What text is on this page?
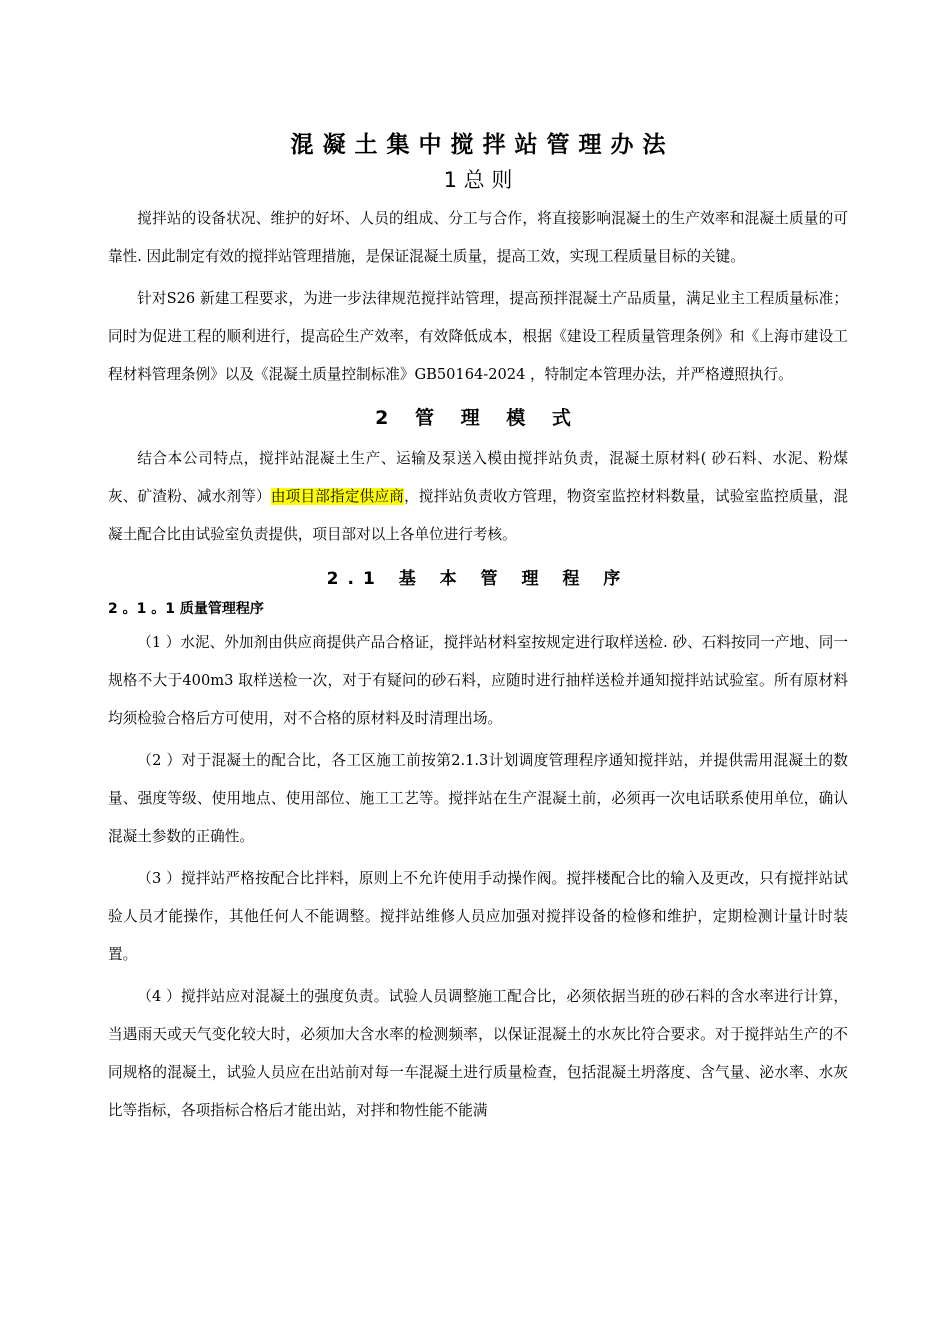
混凝土集中搅拌站管理办法
1 总 则

搅拌站的设备状况、维护的好坏、人员的组成、分工与合作，将直接影响混凝土的生产效率和混凝土质量的可靠性. 因此制定有效的搅拌站管理措施，是保证混凝土质量，提高工效，实现工程质量目标的关键。

针对S26 新建工程要求，为进一步法律规范搅拌站管理，提高预拌混凝土产品质量，满足业主工程质量标准；同时为促进工程的顺利进行，提高砼生产效率，有效降低成本，根据《建设工程质量管理条例》和《上海市建设工程材料管理条例》以及《混凝土质量控制标准》GB50164-2024 ，特制定本管理办法，并严格遵照执行。

2 管 理 模 式

结合本公司特点，搅拌站混凝土生产、运输及泵送入模由搅拌站负责，混凝土原材料( 砂石料、水泥、粉煤灰、矿渣粉、减水剂等）由项目部指定供应商，搅拌站负责收方管理，物资室监控材料数量，试验室监控质量，混凝土配合比由试验室负责提供，项目部对以上各单位进行考核。

2.1 基 本 管 理 程 序
2 。1 。1 质量管理程序

（1 ）水泥、外加剂由供应商提供产品合格证，搅拌站材料室按规定进行取样送检. 砂、石料按同一产地、同一规格不大于400m3 取样送检一次，对于有疑问的砂石料，应随时进行抽样送检并通知搅拌站试验室。所有原材料均须检验合格后方可使用，对不合格的原材料及时清理出场。

（2 ）对于混凝土的配合比，各工区施工前按第2.1.3计划调度管理程序通知搅拌站，并提供需用混凝土的数量、强度等级、使用地点、使用部位、施工工艺等。搅拌站在生产混凝土前，必须再一次电话联系使用单位，确认混凝土参数的正确性。

（3 ）搅拌站严格按配合比拌料，原则上不允许使用手动操作阀。搅拌楼配合比的输入及更改，只有搅拌站试验人员才能操作，其他任何人不能调整。搅拌站维修人员应加强对搅拌设备的检修和维护，定期检测计量计时装置。

（4 ）搅拌站应对混凝土的强度负责。试验人员调整施工配合比，必须依据当班的砂石料的含水率进行计算，当遇雨天或天气变化较大时，必须加大含水率的检测频率，以保证混凝土的水灰比符合要求。对于搅拌站生产的不同规格的混凝土，试验人员应在出站前对每一车混凝土进行质量检查，包括混凝土坍落度、含气量、泌水率、水灰比等指标，各项指标合格后才能出站，对拌和物性能不能满
